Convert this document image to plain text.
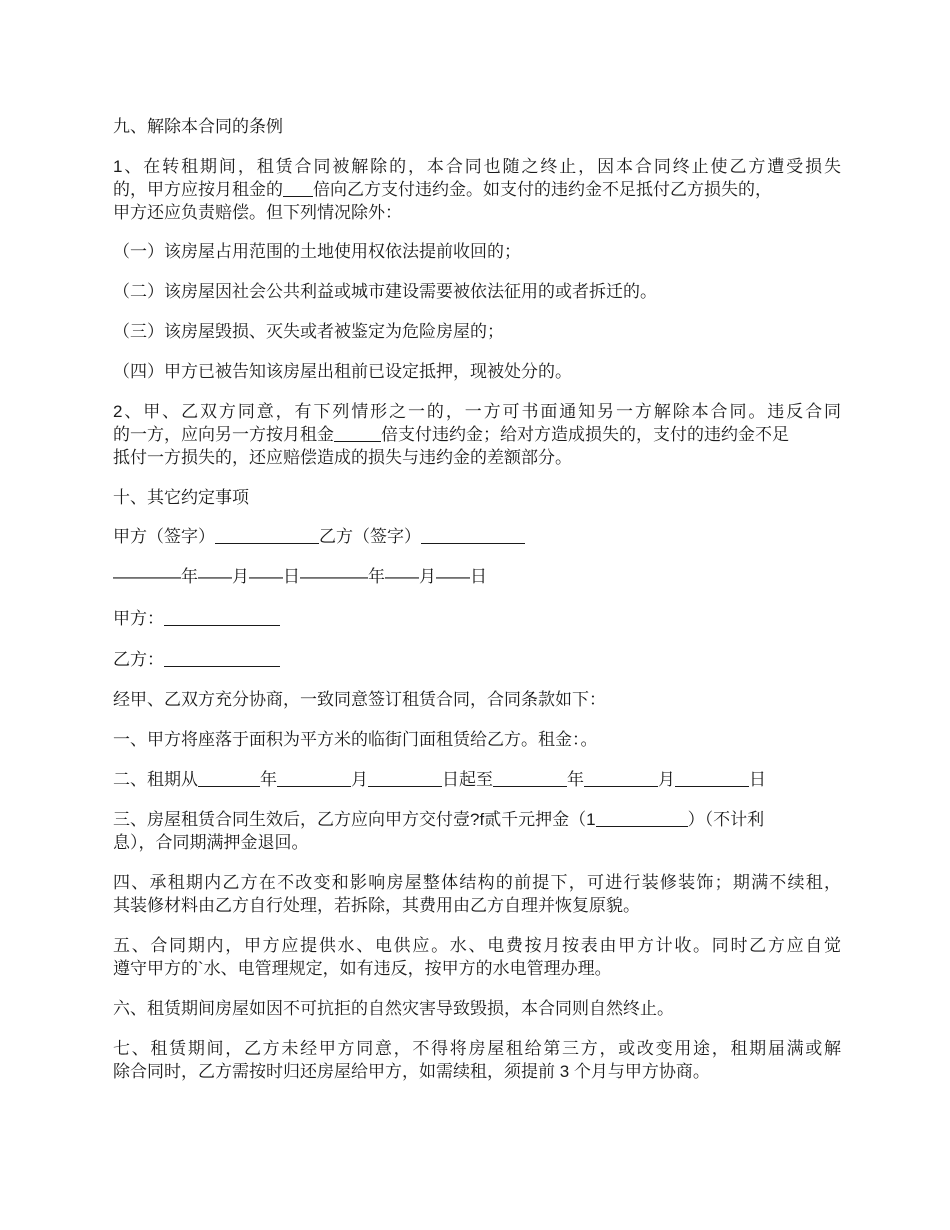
九、解除本合同的条例
1、在转租期间，租赁合同被解除的，本合同也随之终止，因本合同终止使乙方遭受损失
的，甲方应按月租金的 倍向乙方支付违约金。如支付的违约金不足抵付乙方损失的，
甲方还应负责赔偿。但下列情况除外：
（一）该房屋占用范围的土地使用权依法提前收回的；
（二）该房屋因社会公共利益或城市建设需要被依法征用的或者拆迁的。
（三）该房屋毁损、灭失或者被鉴定为危险房屋的；
（四）甲方已被告知该房屋出租前已设定抵押，现被处分的。
2、甲、乙双方同意，有下列情形之一的，一方可书面通知另一方解除本合同。违反合同
的一方，应向另一方按月租金	倍支付违约金；给对方造成损失的，支付的违约金不足
抵付一方损失的，还应赔偿造成的损失与违约金的差额部分。
十、其它约定事项
甲方（签字）	乙方（签字）
————年——月——日————年——月——日
甲方：
乙方：
经甲、乙双方充分协商，一致同意签订租赁合同，合同条款如下：
一、甲方将座落于面积为平方米的临街门面租赁给乙方。租金：。
二、租期从	年	月	日起至	年	月	日
三、房屋租赁合同生效后，乙方应向甲方交付壹?f贰千元押金（1	）（不计利
息），合同期满押金退回。
四、承租期内乙方在不改变和影响房屋整体结构的前提下，可进行装修装饰；期满不续租，
其装修材料由乙方自行处理，若拆除，其费用由乙方自理并恢复原貌。
五、合同期内，甲方应提供水、电供应。水、电费按月按表由甲方计收。同时乙方应自觉
遵守甲方的`水、电管理规定，如有违反，按甲方的水电管理办理。
六、租赁期间房屋如因不可抗拒的自然灾害导致毁损，本合同则自然终止。
七、租赁期间，乙方未经甲方同意，不得将房屋租给第三方，或改变用途，租期届满或解
除合同时，乙方需按时归还房屋给甲方，如需续租，须提前 3 个月与甲方协商。
